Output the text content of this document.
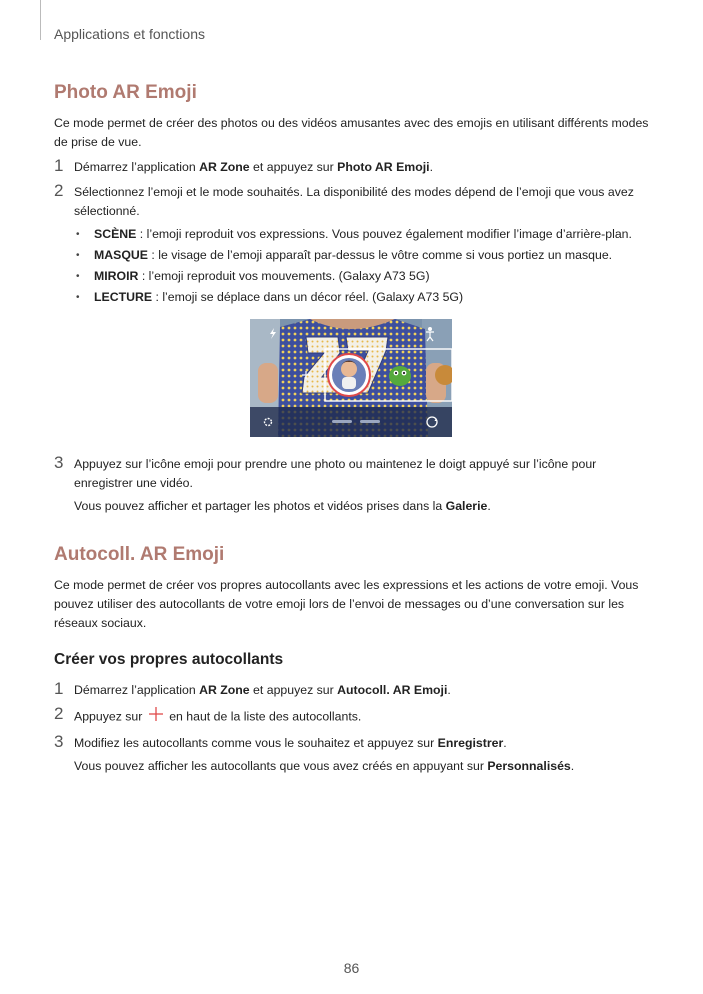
Applications et fonctions
Photo AR Emoji

Ce mode permet de créer des photos ou des vidéos amusantes avec des emojis en utilisant différents modes de prise de vue.

1 Démarrez l’application AR Zone et appuyez sur Photo AR Emoji.
2 Sélectionnez l’emoji et le mode souhaités. La disponibilité des modes dépend de l’emoji que vous avez sélectionné.
• SCÈNE : l’emoji reproduit vos expressions. Vous pouvez également modifier l’image d’arrière-plan.
• MASQUE : le visage de l’emoji apparaît par-dessus le vôtre comme si vous portiez un masque.
• MIROIR : l’emoji reproduit vos mouvements. (Galaxy A73 5G)
• LECTURE : l’emoji se déplace dans un décor réel. (Galaxy A73 5G)
3 Appuyez sur l’icône emoji pour prendre une photo ou maintenez le doigt appuyé sur l’icône pour enregistrer une vidéo.
Vous pouvez afficher et partager les photos et vidéos prises dans la Galerie.
Autocoll. AR Emoji

Ce mode permet de créer vos propres autocollants avec les expressions et les actions de votre emoji. Vous pouvez utiliser des autocollants de votre emoji lors de l’envoi de messages ou d’une conversation sur les réseaux sociaux.

Créer vos propres autocollants
1 Démarrez l’application AR Zone et appuyez sur Autocoll. AR Emoji.
2 Appuyez sur  en haut de la liste des autocollants.
3 Modifiez les autocollants comme vous le souhaitez et appuyez sur Enregistrer.
Vous pouvez afficher les autocollants que vous avez créés en appuyant sur Personnalisés.
86
